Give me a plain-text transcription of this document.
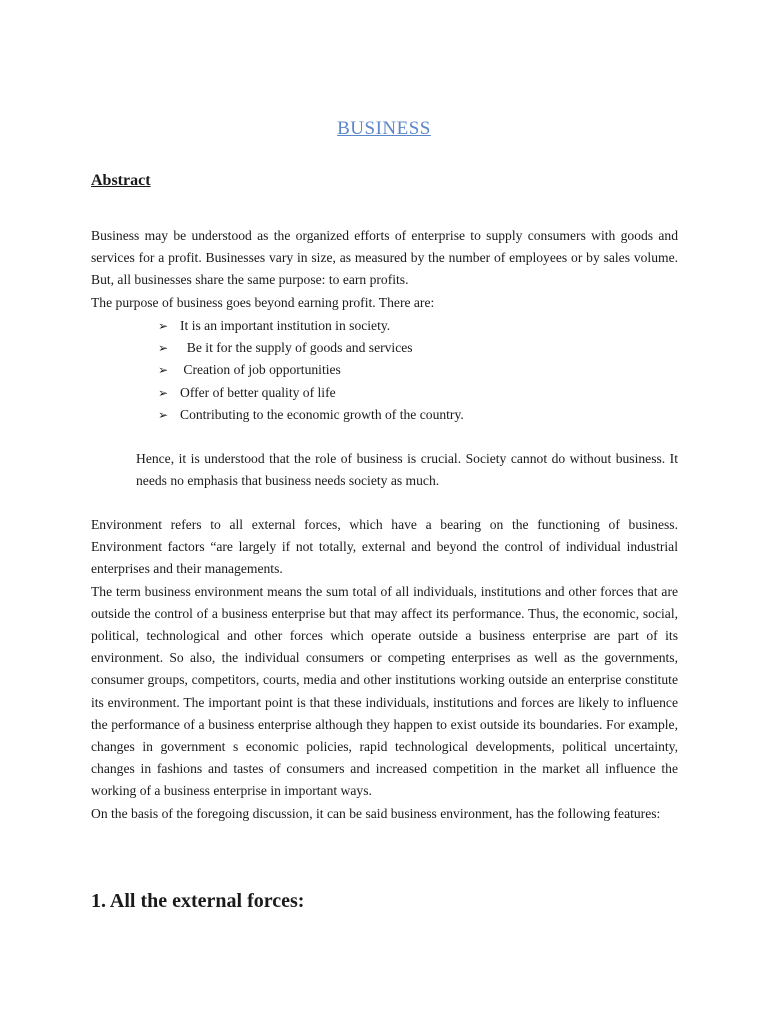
BUSINESS
Abstract

Business may be understood as the organized efforts of enterprise to supply consumers with goods and services for a profit. Businesses vary in size, as measured by the number of employees or by sales volume. But, all businesses share the same purpose: to earn profits.

The purpose of business goes beyond earning profit. There are:

➢ It is an important institution in society.
➢ Be it for the supply of goods and services
➢ Creation of job opportunities
➢ Offer of better quality of life
➢ Contributing to the economic growth of the country.

Hence, it is understood that the role of business is crucial. Society cannot do without business. It needs no emphasis that business needs society as much.

Environment refers to all external forces, which have a bearing on the functioning of business. Environment factors “are largely if not totally, external and beyond the control of individual industrial enterprises and their managements.

The term business environment means the sum total of all individuals, institutions and other forces that are outside the control of a business enterprise but that may affect its performance. Thus, the economic, social, political, technological and other forces which operate outside a business enterprise are part of its environment. So also, the individual consumers or competing enterprises as well as the governments, consumer groups, competitors, courts, media and other institutions working outside an enterprise constitute its environment. The important point is that these individuals, institutions and forces are likely to influence the performance of a business enterprise although they happen to exist outside its boundaries. For example, changes in government s economic policies, rapid technological developments, political uncertainty, changes in fashions and tastes of consumers and increased competition in the market all influence the working of a business enterprise in important ways.

On the basis of the foregoing discussion, it can be said business environment, has the following features:

1. All the external forces:
